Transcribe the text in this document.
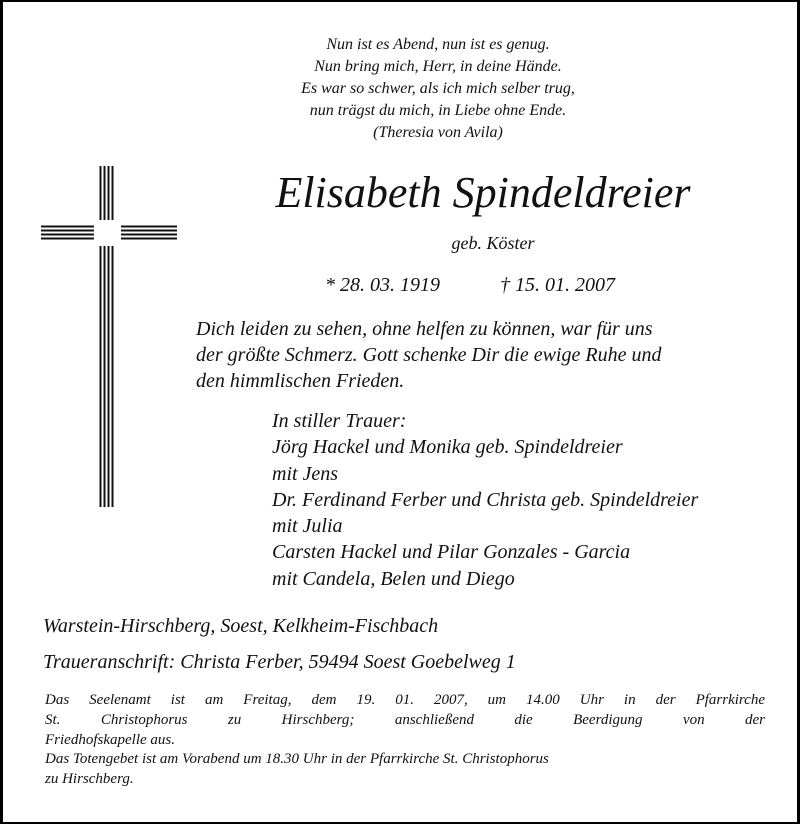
Nun ist es Abend, nun ist es genug.
Nun bring mich, Herr, in deine Hände.
Es war so schwer, als ich mich selber trug,
nun trägst du mich, in Liebe ohne Ende.
(Theresia von Avila)
Elisabeth Spindeldreier
geb. Köster
* 28. 03. 1919	† 15. 01. 2007
Dich leiden zu sehen, ohne helfen zu können, war für uns
der größte Schmerz. Gott schenke Dir die ewige Ruhe und
den himmlischen Frieden.
In stiller Trauer:
Jörg Hackel und Monika geb. Spindeldreier
mit Jens
Dr. Ferdinand Ferber und Christa geb. Spindeldreier
mit Julia
Carsten Hackel und Pilar Gonzales - Garcia
mit Candela, Belen und Diego
Warstein-Hirschberg, Soest, Kelkheim-Fischbach
Traueranschrift: Christa Ferber, 59494 Soest Goebelweg 1
Das Seelenamt ist am Freitag, dem 19. 01. 2007, um 14.00 Uhr in der Pfarrkirche
St. Christophorus zu Hirschberg; anschließend die Beerdigung von der
Friedhofskapelle aus.
Das Totengebet ist am Vorabend um 18.30 Uhr in der Pfarrkirche St. Christophorus
zu Hirschberg.
